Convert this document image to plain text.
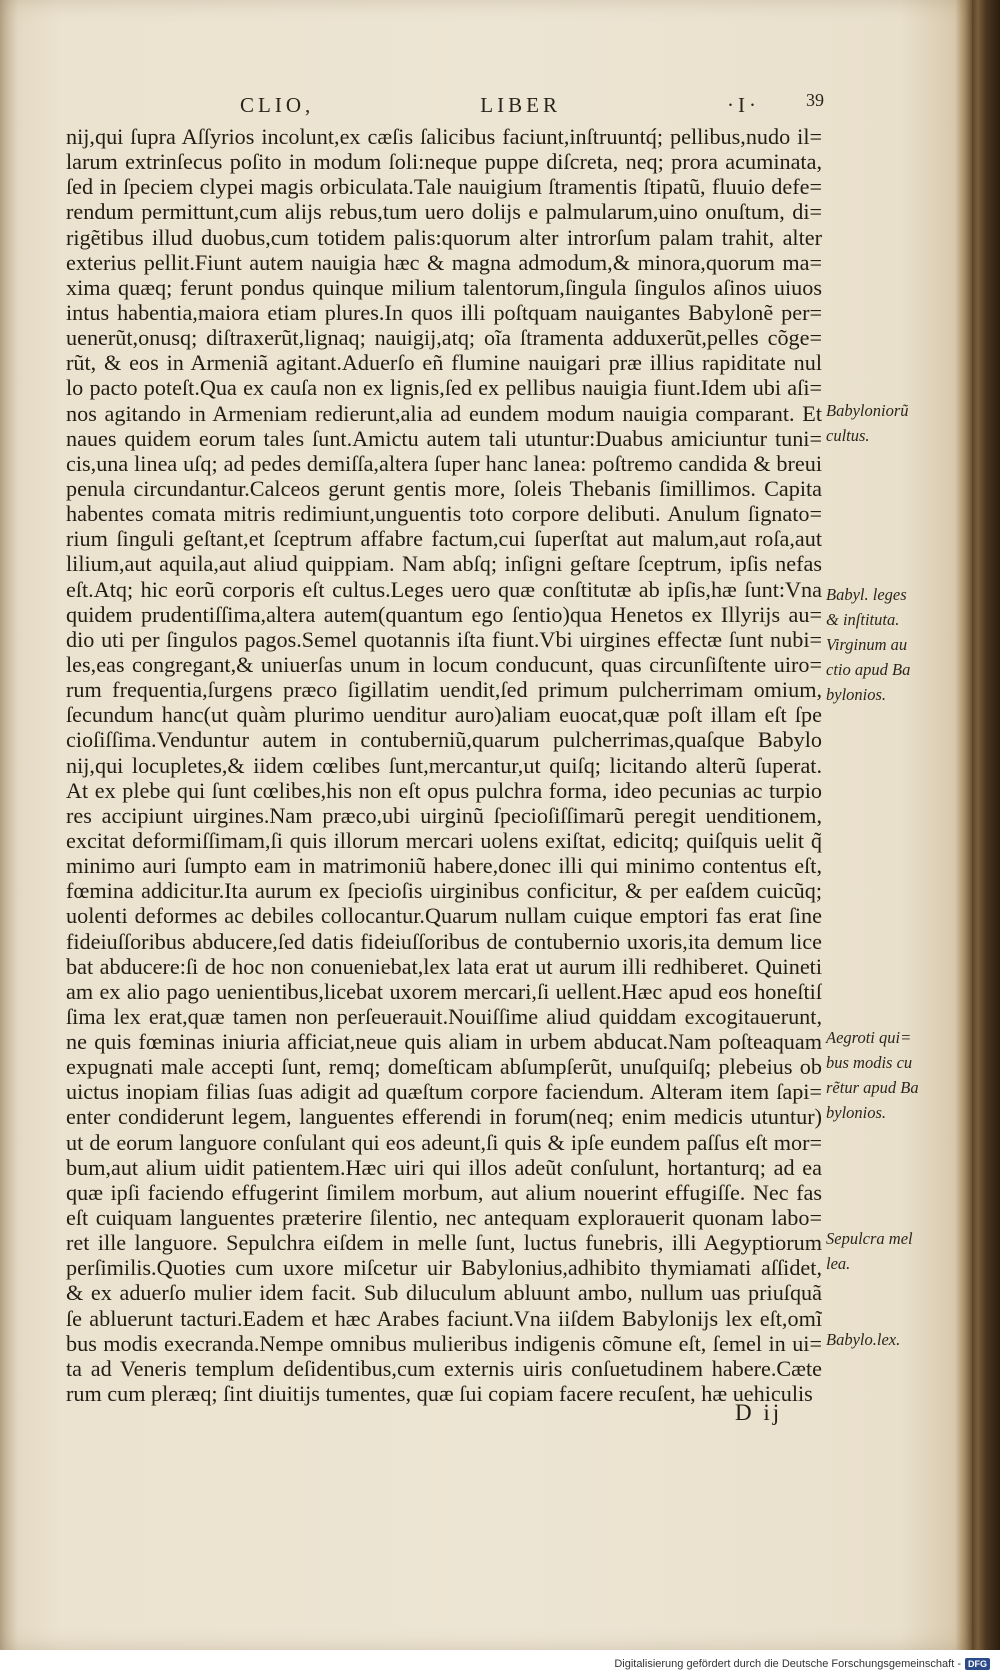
CLIO,	LIBER	·I·	39
nij,qui ſupra Aſſyrios incolunt,ex cæſis ſalicibus faciunt,inſtruuntq́; pellibus,nudo il=
larum extrinſecus poſito in modum ſoli:neque puppe diſcreta, neq; prora acuminata,
ſed in ſpeciem clypei magis orbiculata.Tale nauigium ſtramentis ſtipatũ, fluuio defe=
rendum permittunt,cum alijs rebus,tum uero dolijs e palmularum,uino onuſtum, di=
rigẽtibus illud duobus,cum totidem palis:quorum alter introrſum palam trahit, alter
exterius pellit.Fiunt autem nauigia hæc & magna admodum,& minora,quorum ma=
xima quæq; ferunt pondus quinque milium talentorum,ſingula ſingulos aſinos uiuos
intus habentia,maiora etiam plures.In quos illi poſtquam nauigantes Babylonẽ per=
uenerũt,onusq; diſtraxerũt,lignaq; nauigij,atq; oĩa ſtramenta adduxerũt,pelles cõge=
rũt, & eos in Armeniã agitant.Aduerſo eñ flumine nauigari præ illius rapiditate nul
lo pacto poteſt.Qua ex cauſa non ex lignis,ſed ex pellibus nauigia fiunt.Idem ubi aſi=
nos agitando in Armeniam redierunt,alia ad eundem modum nauigia comparant. Et
naues quidem eorum tales ſunt.Amictu autem tali utuntur:Duabus amiciuntur tuni=
cis,una linea uſq; ad pedes demiſſa,altera ſuper hanc lanea: poſtremo candida & breui
penula circundantur.Calceos gerunt gentis more, ſoleis Thebanis ſimillimos. Capita
habentes comata mitris redimiunt,unguentis toto corpore delibuti. Anulum ſignato=
rium ſinguli geſtant,et ſceptrum affabre factum,cui ſuperſtat aut malum,aut roſa,aut
lilium,aut aquila,aut aliud quippiam. Nam abſq; inſigni geſtare ſceptrum, ipſis nefas
eſt.Atq; hic eorũ corporis eſt cultus.Leges uero quæ conſtitutæ ab ipſis,hæ ſunt:Vna
quidem prudentiſſima,altera autem(quantum ego ſentio)qua Henetos ex Illyrijs au=
dio uti per ſingulos pagos.Semel quotannis iſta fiunt.Vbi uirgines effectæ ſunt nubi=
les,eas congregant,& uniuerſas unum in locum conducunt, quas circunſiſtente uiro=
rum frequentia,ſurgens præco ſigillatim uendit,ſed primum pulcherrimam omium,
ſecundum hanc(ut quàm plurimo uenditur auro)aliam euocat,quæ poſt illam eſt ſpe
cioſiſſima.Venduntur autem in contuberniũ,quarum pulcherrimas,quaſque Babylo
nij,qui locupletes,& iidem cœlibes ſunt,mercantur,ut quiſq; licitando alterũ ſuperat.
At ex plebe qui ſunt cœlibes,his non eſt opus pulchra forma, ideo pecunias ac turpio
res accipiunt uirgines.Nam præco,ubi uirginũ ſpecioſiſſimarũ peregit uenditionem,
excitat deformiſſimam,ſi quis illorum mercari uolens exiſtat, edicitq; quiſquis uelit q̃
minimo auri ſumpto eam in matrimoniũ habere,donec illi qui minimo contentus eſt,
fœmina addicitur.Ita aurum ex ſpecioſis uirginibus conficitur, & per eaſdem cuicũq;
uolenti deformes ac debiles collocantur.Quarum nullam cuique emptori fas erat ſine
fideiuſſoribus abducere,ſed datis fideiuſſoribus de contubernio uxoris,ita demum lice
bat abducere:ſi de hoc non conueniebat,lex lata erat ut aurum illi redhiberet. Quineti
am ex alio pago uenientibus,licebat uxorem mercari,ſi uellent.Hæc apud eos honeſtiſ
ſima lex erat,quæ tamen non perſeuerauit.Nouiſſime aliud quiddam excogitauerunt,
ne quis fœminas iniuria afficiat,neue quis aliam in urbem abducat.Nam poſteaquam
expugnati male accepti ſunt, remq; domeſticam abſumpſerũt, unuſquiſq; plebeius ob
uictus inopiam filias ſuas adigit ad quæſtum corpore faciendum. Alteram item ſapi=
enter condiderunt legem, languentes efferendi in forum(neq; enim medicis utuntur)
ut de eorum languore conſulant qui eos adeunt,ſi quis & ipſe eundem paſſus eſt mor=
bum,aut alium uidit patientem.Hæc uiri qui illos adeũt conſulunt, hortanturq; ad ea
quæ ipſi faciendo effugerint ſimilem morbum, aut alium nouerint effugiſſe. Nec fas
eſt cuiquam languentes præterire ſilentio, nec antequam explorauerit quonam labo=
ret ille languore. Sepulchra eiſdem in melle ſunt, luctus funebris, illi Aegyptiorum
perſimilis.Quoties cum uxore miſcetur uir Babylonius,adhibito thymiamati aſſidet,
& ex aduerſo mulier idem facit. Sub diluculum abluunt ambo, nullum uas priuſquã
ſe abluerunt tacturi.Eadem et hæc Arabes faciunt.Vna iiſdem Babylonijs lex eſt,omĩ
bus modis execranda.Nempe omnibus mulieribus indigenis cõmune eſt, ſemel in ui=
ta ad Veneris templum deſidentibus,cum externis uiris conſuetudinem habere.Cæte
rum cum pleræq; ſint diuitijs tumentes, quæ ſui copiam facere recuſent, hæ uehiculis
Babyloniorũ
cultus.
Babyl. leges
& inſtituta.
Virginum au
ctio apud Ba
bylonios.
Aegroti qui=
bus modis cu
rẽtur apud Ba
bylonios.
Sepulcra mel
lea.
Babylo.lex.
D ij
Digitalisierung gefördert durch die Deutsche Forschungsgemeinschaft - DFG
